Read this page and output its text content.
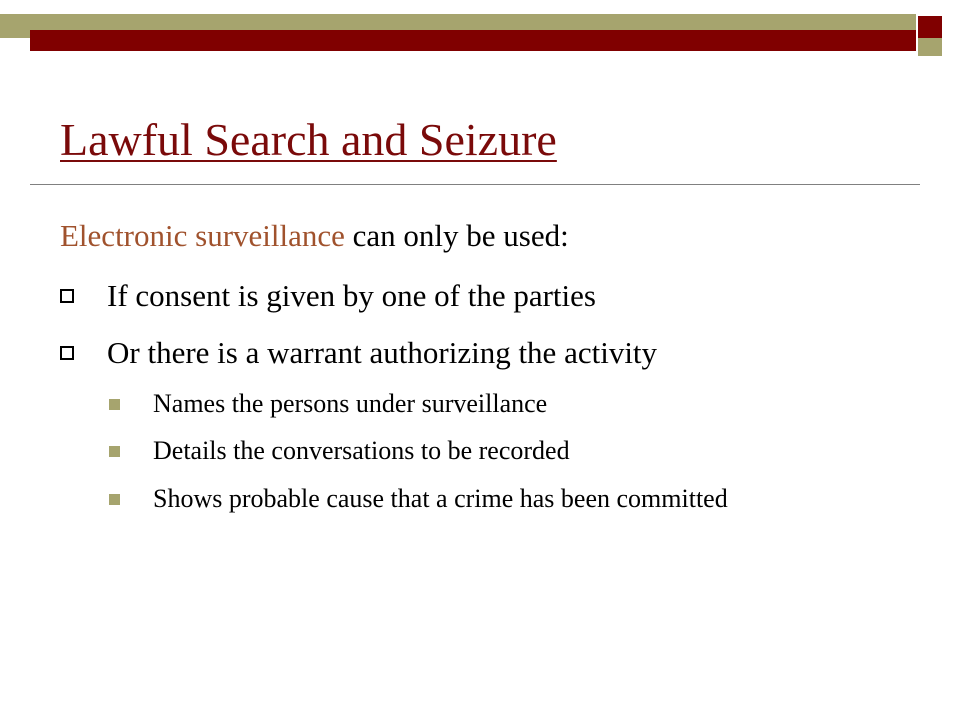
Lawful Search and Seizure
Electronic surveillance can only be used:
If consent is given by one of the parties
Or there is a warrant authorizing the activity
Names the persons under surveillance
Details the conversations to be recorded
Shows probable cause that a crime has been committed
